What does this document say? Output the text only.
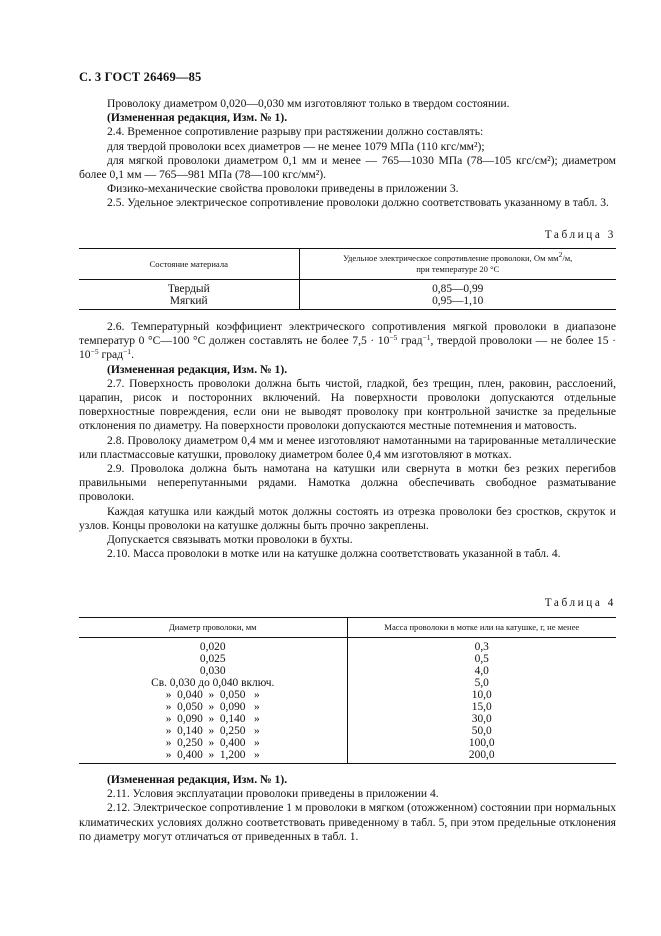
С. 3 ГОСТ 26469—85

Проволоку диаметром 0,020—0,030 мм изготовляют только в твердом состоянии.

(Измененная редакция, Изм. № 1).

2.4. Временное сопротивление разрыву при растяжении должно составлять:

для твердой проволоки всех диаметров — не менее 1079 МПа (110 кгс/мм²);

для мягкой проволоки диаметром 0,1 мм и менее — 765—1030 МПа (78—105 кгс/см²); диаметром более 0,1 мм — 765—981 МПа (78—100 кгс/мм²).

Физико-механические свойства проволоки приведены в приложении 3.

2.5. Удельное электрическое сопротивление проволоки должно соответствовать указанному в табл. 3.

Таблица 3
Состояние материала	Удельное электрическое сопротивление проволоки, Ом $мм^2/м$,
при температуре 20 °С
Твердый	0,85—0,99
Мягкий	0,95—1,10

2.6. Температурный коэффициент электрического сопротивления мягкой проволоки в диапазоне температур 0 °С—100 °С должен составлять не более $7,5 \cdot 10^{-5}$ град$^{-1}$, твердой проволоки — не более $15 \cdot 10^{-5}$ град$^{-1}$.

(Измененная редакция, Изм. № 1).

2.7. Поверхность проволоки должна быть чистой, гладкой, без трещин, плен, раковин, расслоений, царапин, рисок и посторонних включений. На поверхности проволоки допускаются отдельные поверхностные повреждения, если они не выводят проволоку при контрольной зачистке за предельные отклонения по диаметру. На поверхности проволоки допускаются местные потемнения и матовость.

2.8. Проволоку диаметром 0,4 мм и менее изготовляют намотанными на тарированные металлические или пластмассовые катушки, проволоку диаметром более 0,4 мм изготовляют в мотках.

2.9. Проволока должна быть намотана на катушки или свернута в мотки без резких перегибов правильными неперепутанными рядами. Намотка должна обеспечивать свободное разматывание проволоки.

Каждая катушка или каждый моток должны состоять из отрезка проволоки без сростков, скруток и узлов. Концы проволоки на катушке должны быть прочно закреплены.

Допускается связывать мотки проволоки в бухты.

2.10. Масса проволоки в мотке или на катушке должна соответствовать указанной в табл. 4.

Таблица 4
Диаметр проволоки, мм	Масса проволоки в мотке или на катушке, г, не менее
0,020	0,3
0,025	0,5
0,030	4,0
Св. 0,030 до 0,040 включ.	5,0
»  0,040  »  0,050   »	10,0
»  0,050  »  0,090   »	15,0
»  0,090  »  0,140   »	30,0
»  0,140  »  0,250   »	50,0
»  0,250  »  0,400   »	100,0
»  0,400  »  1,200   »	200,0

(Измененная редакция, Изм. № 1).

2.11. Условия эксплуатации проволоки приведены в приложении 4.

2.12. Электрическое сопротивление 1 м проволоки в мягком (отожженном) состоянии при нормальных климатических условиях должно соответствовать приведенному в табл. 5, при этом предельные отклонения по диаметру могут отличаться от приведенных в табл. 1.
